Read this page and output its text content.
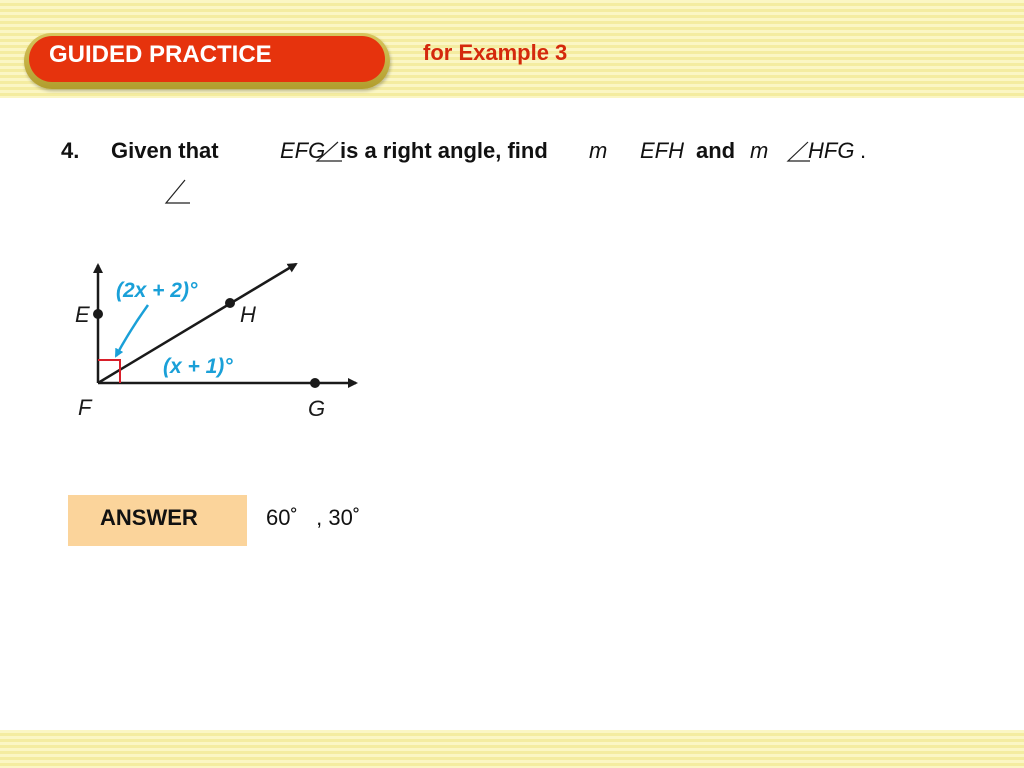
GUIDED PRACTICE	for Example 3
4. Given that	EFG is a right angle, find m EFH and m HFG .
(2x + 2)°
(x + 1)°
E	H
F	G
ANSWER	60˚   , 30˚
